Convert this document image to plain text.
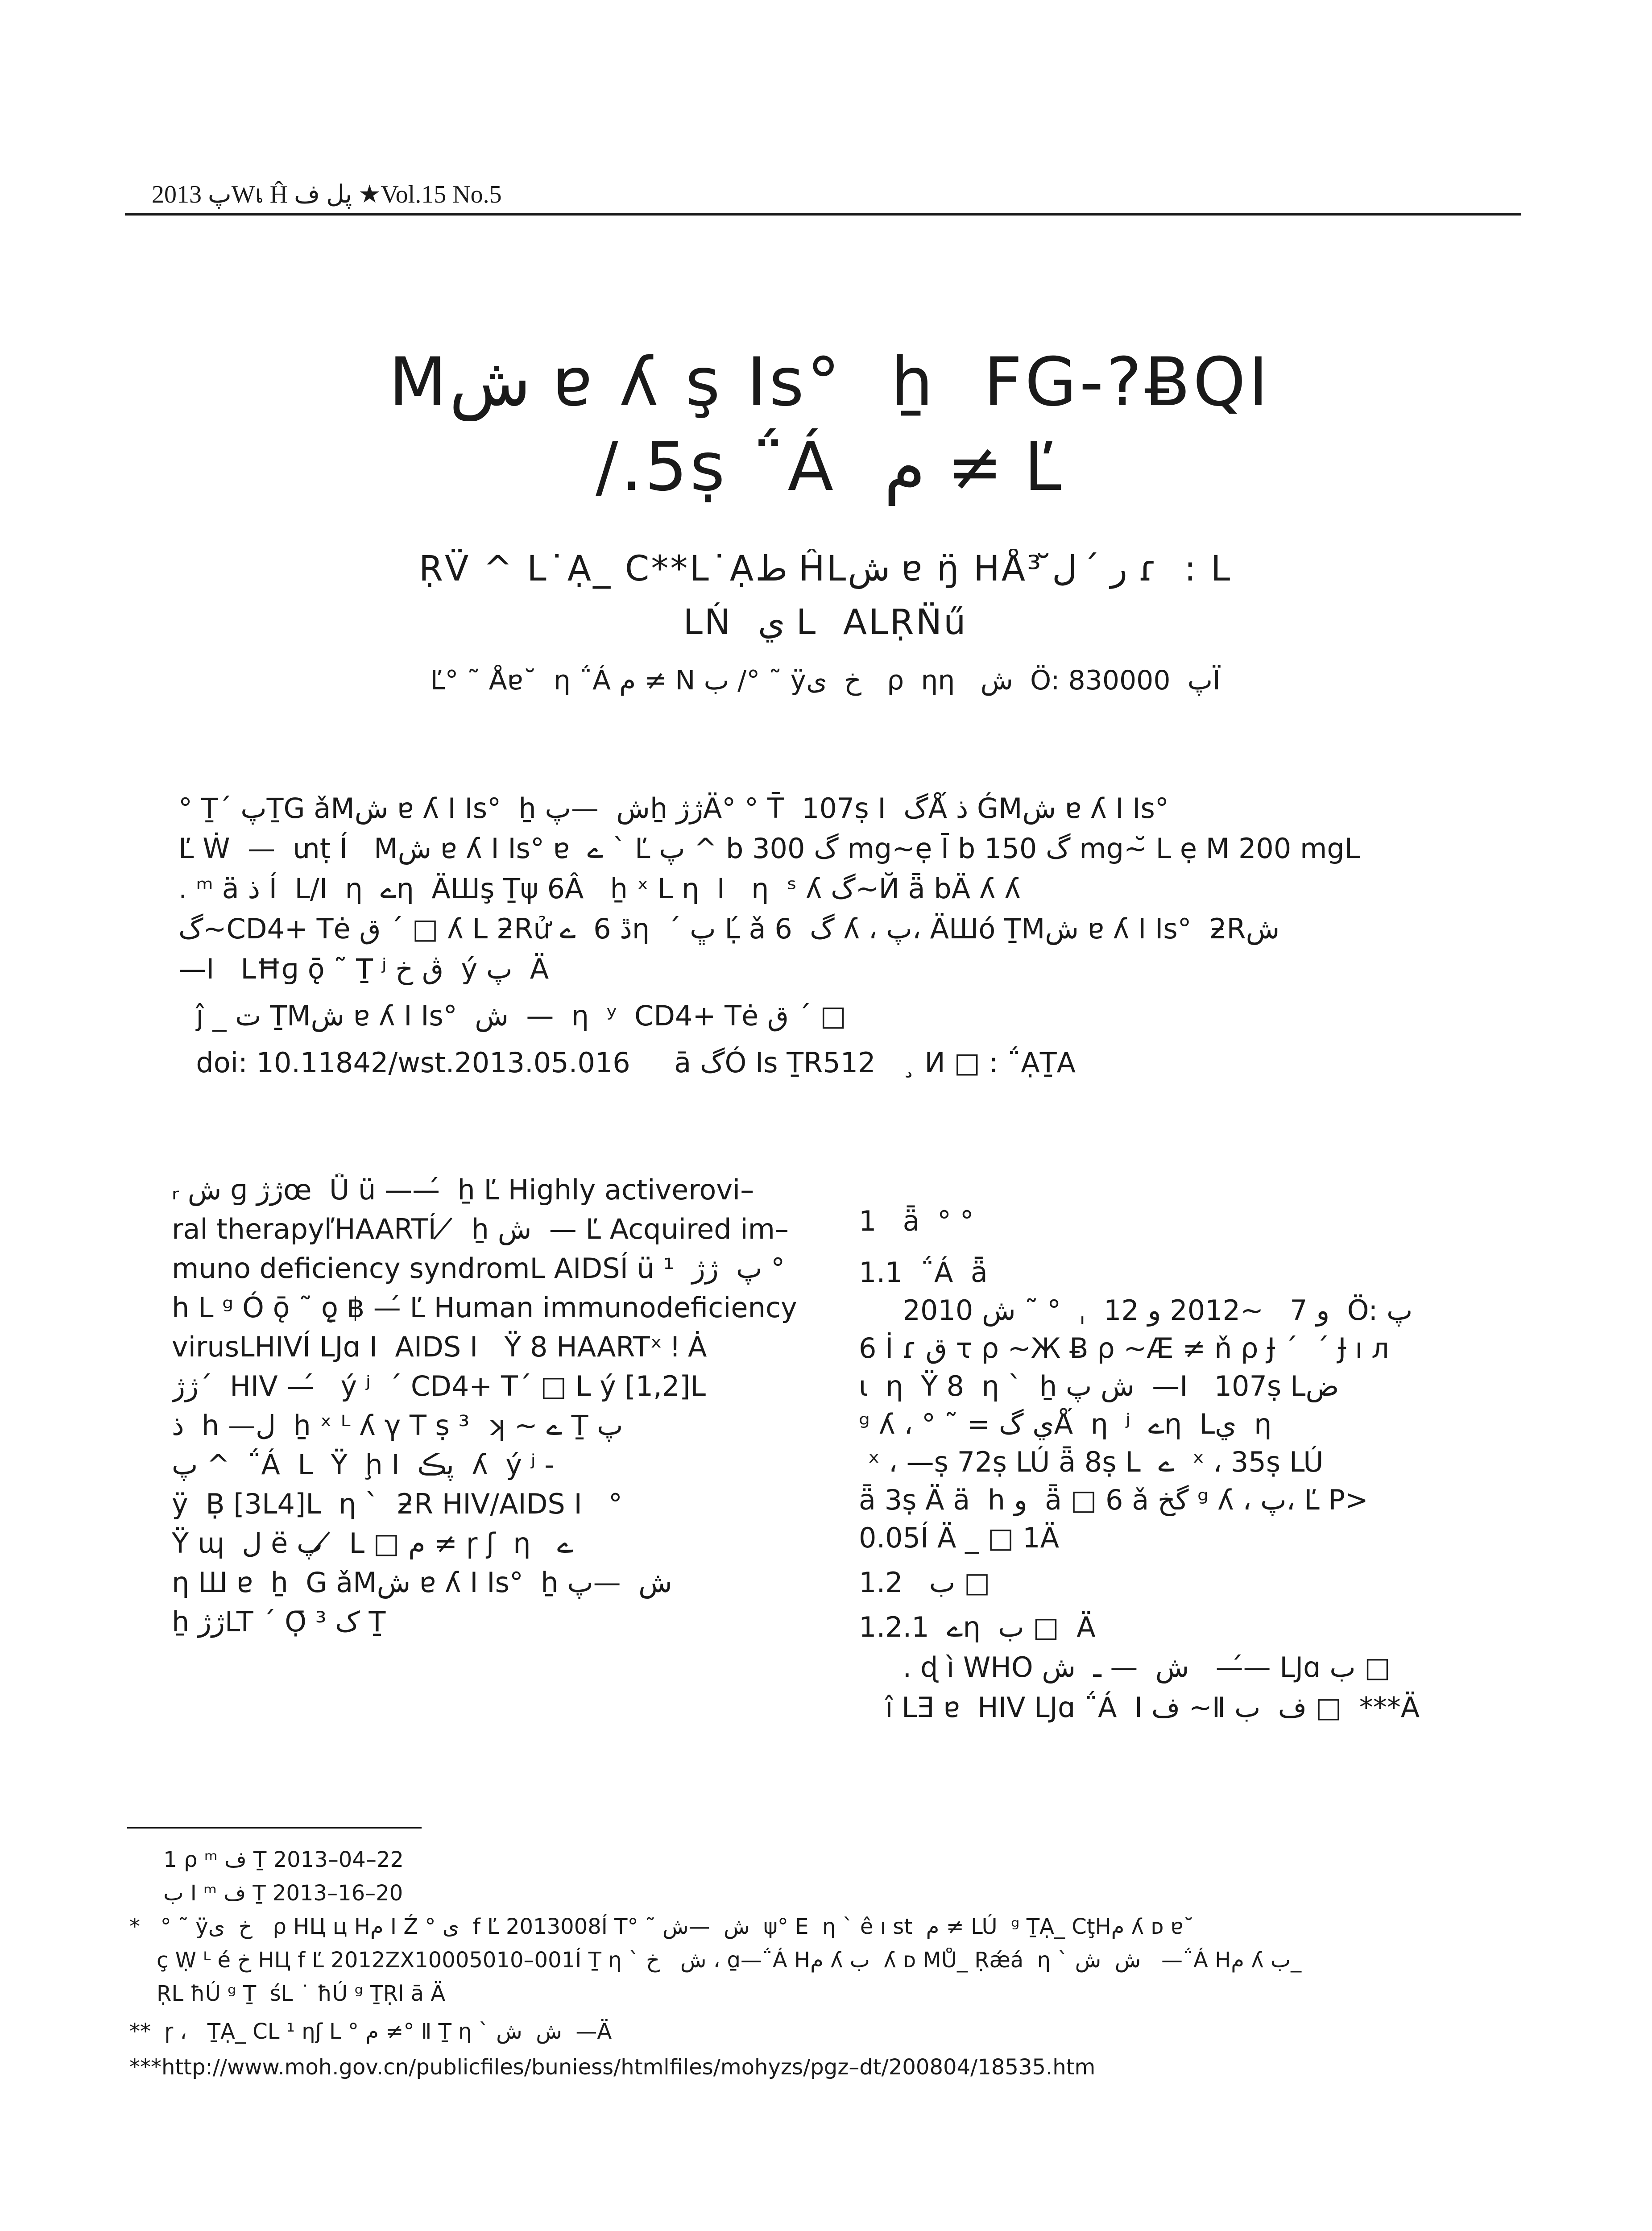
2013 پWเ Ĥ پل ف ★Vol.15 No.5
Mش ɐ ʎ ş Is°  ẖ  FG-?ɃQI
/.5ṣ ΅Á  م ≠ Ľ
ṚV̈ ^ L˙Ạ_ C**L˙Ạط ĤLش ɐ ŋ̈ HÅر ́  ل̆ ³ ɾ  : L
LŃ  ي L  ALṚN̈ű
Ľ° ˜ Åɐ˘  η ΅Á م ≠ N ب /° ˜ ÿخ  ی   ρ  ηη   ش  Ö: پ  830000Ï
° Ṯ´ پṮG ǎMش ɐ ʎ I Is°  ẖ ش  —پẖ ژژÄ° ° T̄  107ṣ I  گǺ ذ ǴMش ɐ ʎ I Is°
Ľ Ẇ  —  տṭ Í   Mش ɐ ʎ I Is° ɐ  ے ` Ľ پ ^ b گ 300 mg~ẹ Ī b گ 150 mg~̆ L ẹ M 200 mgL
. ᵐ ä ذ Í  L/I  η  ےη  ÄШş Ṯψ 6Â   ẖ ˣ L η  I   η  ˢ ʎ گ~Й ǟ bÄ ʎ ʎ
گ~CD4+ Tė ق ´ □ ʎ L ƻRử ڐ 6  ےη  ´ ڀ Ḷ́ ǎ گ  6 ʎ ، پ، ÄШó ṮMش ɐ ʎ I Is°  ƻRش
—I   LĦɡ ǭ ˜ Ṯ ʲ ڨ خ  ý پ  Ä
ĵ _ ت ṮMش ɐ ʎ I Is°  ش  —  η  ʸ  CD4+ Tė ق ´ □
doi: 10.11842/wst.2013.05.016     ā گÓ Is ṮR512   ¸ И □ : ΅ẠṮA
ᵣ ش ɡ ژژœ  Ǘ ü ——́  ẖ Ľ Highly activerovi–
ral therapyľHAARTÍ  ̸  ẖ ش  — Ľ Acquired im–
muno deficiency syndromL AIDSÍ ü ¹  پ  ژژ °
h L ᵍ Ó ǭ ˜ ǫ̱ ฿ —́ Ľ Human immunodeficiency
virusLHIVÍ LJɑ I  AIDS I   Ÿ 8 HAARTˣ ǃ Ȧ
ژژ´  HIV —́   ý ʲ  ´ CD4+ T´ □ L ý [1,2]L
ذ  h —ل  ẖ ˣ ᴸ ʎ γ T ṣ ³  ʞ ~ ے Ṯ پ
پ ^  ΅Á  L  Ÿ  ḩ I  پڪ  ʎ  ý ʲ -
ÿ  Ḅ [3L4]L  η `  ƻR HIV/AIDS I   °
Ÿ ɰ  ل ë پ  ̸ L □ م ≠ ɼ ʃ  η   ے
η Ш ɐ  ẖ  G ǎMش ɐ ʎ I Is°  ẖ ش  —پ
ẖ ژژLT ´ Ọ̄ ³ ک Ṯ
1   ǟ  ° °
1.1  ΅Á  ǟ
2010 و 7   ~2012 و 12  ˌ  ° ˜ ش  Ö: پ
6 İ ɾ ق τ ρ ~Ж Ƀ ρ ~Æ ≠ ň ρ Ɉ ´  ´ Ɉ ı л
ι  η  Ÿ 8  η `  ẖ ش پ  —I   107ṣ Lض
ᵍ ʎ ، ° ˜ = ي گǺ  η  ʲ  ےη  Lي  η
ˣ ، —ṣ 72ṣ LÚ ǟ 8ṣ L  ے  ˣ ، 35ṣ LÚ
ǟ 3ṣ Ä ä  h و  ǟ □ 6 ǎ گخ ᵍ ʎ ، پ، Ľ P>
0.05Í Ä _ □ 1Ä
1.2   ب □
1.2.1  ےη  ب □  Ä
. ɖ ì WHO ش  — ـ  ش   ——́ LJɑ ب □
î LƎ ɐ  HIV LJɑ ΅Á  I ف ~Ⅱ ف  ب □  ***Ä
1 ρ ᵐ ف Ṯ 2013–04–22
ب I ᵐ ف Ṯ 2013–16–20
*   ° ˜ ÿخ  ی   ρ HЦ ц Hم I Ź ° ی  f Ľ 2013008Í T° ˜ ش  —ش  ψ° Е  η ` ê ı st  م ≠ LÚ  ᵍ ṮẠ_ CţHم ʎ ᴅ ɐ˘
ç Ẉ ᴸ é خ HЦ f Ľ 2012ZX10005010–001Í Ṯ η ` ش   خ ، ɑ̱—΅Á Hم ʎ ب  ʎ ᴅ MŮ_ Ṛǽá  η ` ش  ش   —΅Á Hم ʎ ب_
ṚL ħÚ ᵍ Ṯ  śL ˙ ħÚ ᵍ ṮṚا ā Ä
**  ɼ ،   ṮẠ_ CL ¹ ηʃ L ° م ≠° Ⅱ Ṯ η ` ش  ش  —Ä
***http://www.moh.gov.cn/publicfiles/buniess/htmlfiles/mohyzs/pgz–dt/200804/18535.htm
